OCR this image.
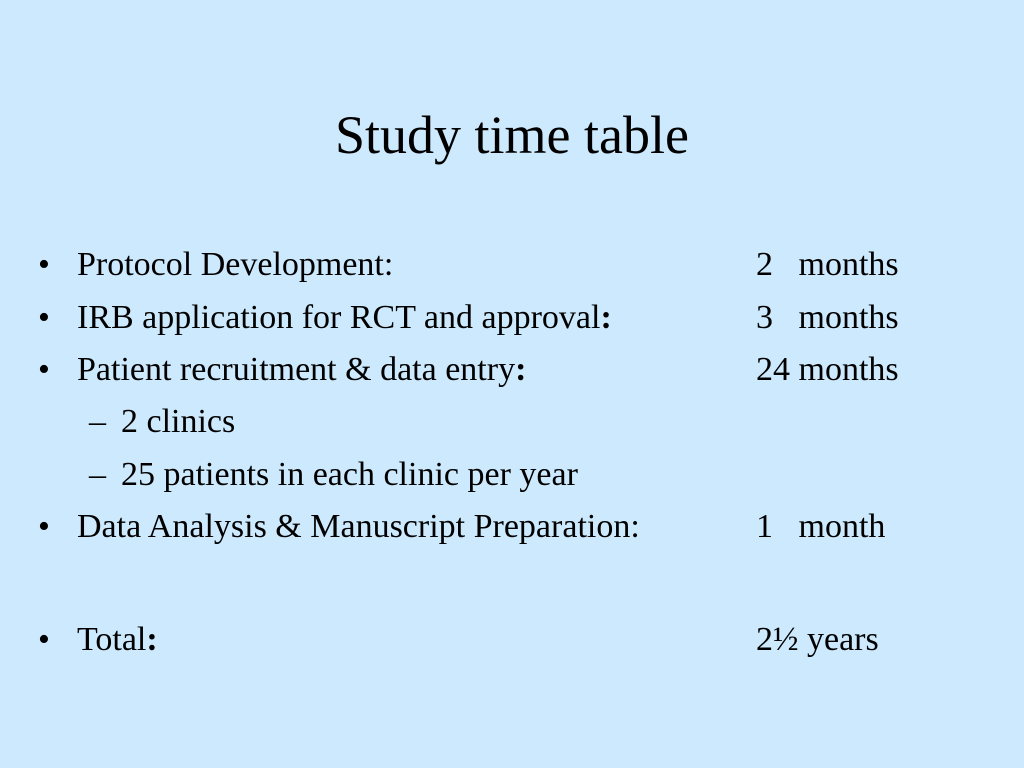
Study time table
• Protocol Development:	2   months
• IRB application for RCT and approval:	3   months
• Patient recruitment & data entry:	24 months
– 2 clinics
– 25 patients in each clinic per year
• Data Analysis & Manuscript Preparation:	1   month
• Total:	2½ years
